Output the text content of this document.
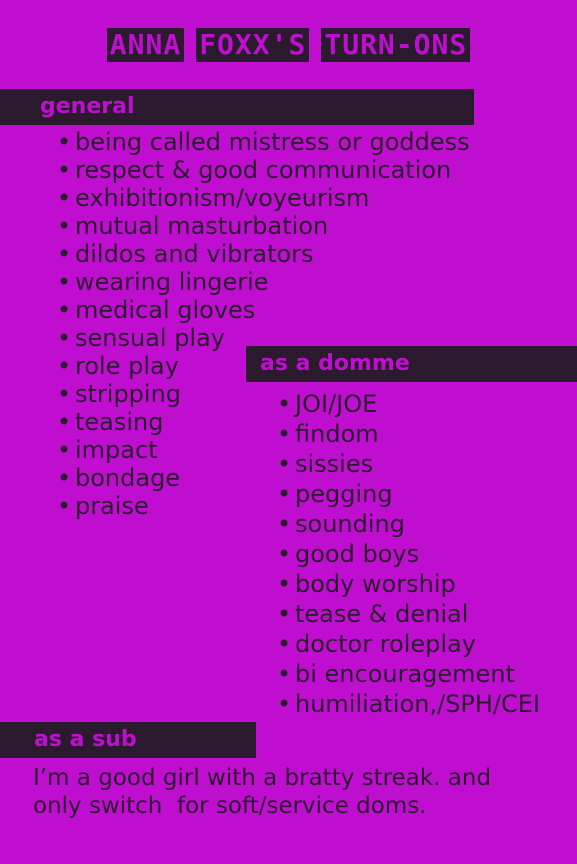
ANNA FOXX'S TURN-ONS
general
• being called mistress or goddess
• respect & good communication
• exhibitionism/voyeurism
• mutual masturbation
• dildos and vibrators
• wearing lingerie
• medical gloves
• sensual play
• role play
• stripping
• teasing
• impact
• bondage
• praise
as a domme
• JOI/JOE
• findom
• sissies
• pegging
• sounding
• good boys
• body worship
• tease & denial
• doctor roleplay
• bi encouragement
• humiliation,/SPH/CEI
as a sub
I’m a good girl with a bratty streak. and
only switch  for soft/service doms.
